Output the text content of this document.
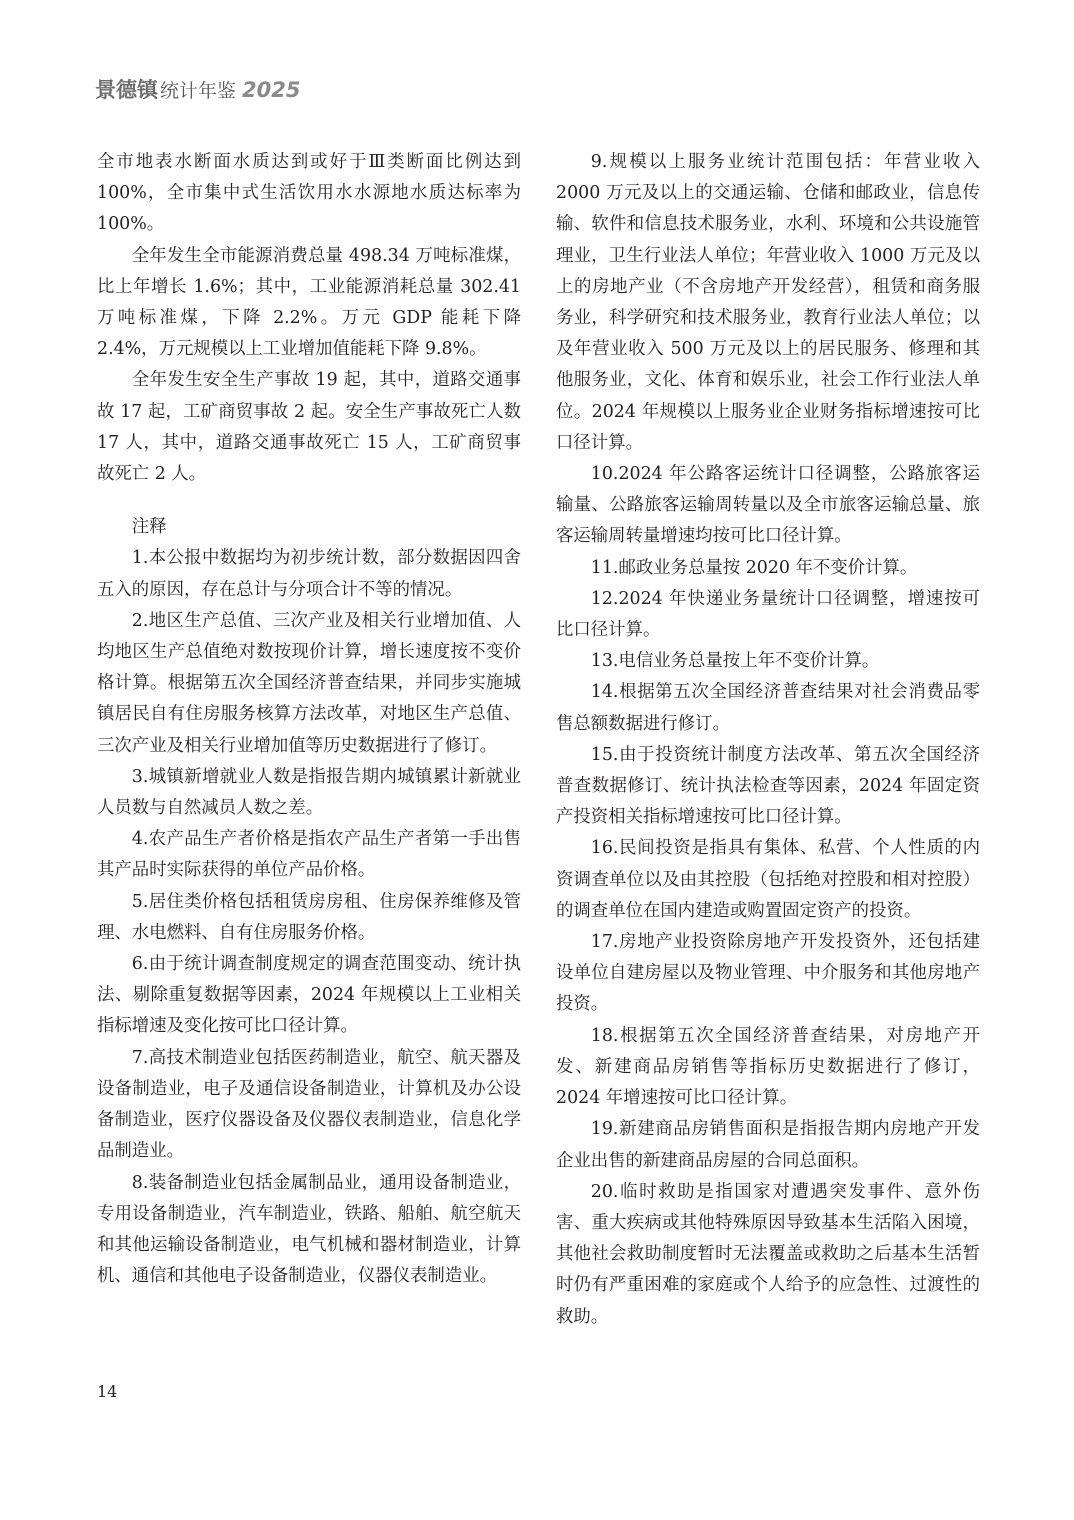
景德镇 统计年鉴 2025

全市地表水断面水质达到或好于Ⅲ类断面比例达到 100%，全市集中式生活饮用水水源地水质达标率为 100%。

全年发生全市能源消费总量 498.34 万吨标准煤，比上年增长 1.6%；其中，工业能源消耗总量 302.41 万吨标准煤，下降 2.2%。万元 GDP 能耗下降 2.4%，万元规模以上工业增加值能耗下降 9.8%。

全年发生安全生产事故 19 起，其中，道路交通事故 17 起，工矿商贸事故 2 起。安全生产事故死亡人数 17 人，其中，道路交通事故死亡 15 人，工矿商贸事故死亡 2 人。

注释

1.本公报中数据均为初步统计数，部分数据因四舍五入的原因，存在总计与分项合计不等的情况。

2.地区生产总值、三次产业及相关行业增加值、人均地区生产总值绝对数按现价计算，增长速度按不变价格计算。根据第五次全国经济普查结果，并同步实施城镇居民自有住房服务核算方法改革，对地区生产总值、三次产业及相关行业增加值等历史数据进行了修订。

3.城镇新增就业人数是指报告期内城镇累计新就业人员数与自然减员人数之差。

4.农产品生产者价格是指农产品生产者第一手出售其产品时实际获得的单位产品价格。

5.居住类价格包括租赁房房租、住房保养维修及管理、水电燃料、自有住房服务价格。

6.由于统计调查制度规定的调查范围变动、统计执法、剔除重复数据等因素，2024 年规模以上工业相关指标增速及变化按可比口径计算。

7.高技术制造业包括医药制造业，航空、航天器及设备制造业，电子及通信设备制造业，计算机及办公设备制造业，医疗仪器设备及仪器仪表制造业，信息化学品制造业。

8.装备制造业包括金属制品业，通用设备制造业，专用设备制造业，汽车制造业，铁路、船舶、航空航天和其他运输设备制造业，电气机械和器材制造业，计算机、通信和其他电子设备制造业，仪器仪表制造业。

9.规模以上服务业统计范围包括：年营业收入 2000 万元及以上的交通运输、仓储和邮政业，信息传输、软件和信息技术服务业，水利、环境和公共设施管理业，卫生行业法人单位；年营业收入 1000 万元及以上的房地产业（不含房地产开发经营），租赁和商务服务业，科学研究和技术服务业，教育行业法人单位；以及年营业收入 500 万元及以上的居民服务、修理和其他服务业，文化、体育和娱乐业，社会工作行业法人单位。2024 年规模以上服务业企业财务指标增速按可比口径计算。

10.2024 年公路客运统计口径调整，公路旅客运输量、公路旅客运输周转量以及全市旅客运输总量、旅客运输周转量增速均按可比口径计算。

11.邮政业务总量按 2020 年不变价计算。

12.2024 年快递业务量统计口径调整，增速按可比口径计算。

13.电信业务总量按上年不变价计算。

14.根据第五次全国经济普查结果对社会消费品零售总额数据进行修订。

15.由于投资统计制度方法改革、第五次全国经济普查数据修订、统计执法检查等因素，2024 年固定资产投资相关指标增速按可比口径计算。

16.民间投资是指具有集体、私营、个人性质的内资调查单位以及由其控股（包括绝对控股和相对控股）的调查单位在国内建造或购置固定资产的投资。

17.房地产业投资除房地产开发投资外，还包括建设单位自建房屋以及物业管理、中介服务和其他房地产投资。

18.根据第五次全国经济普查结果，对房地产开发、新建商品房销售等指标历史数据进行了修订，2024 年增速按可比口径计算。

19.新建商品房销售面积是指报告期内房地产开发企业出售的新建商品房屋的合同总面积。

20.临时救助是指国家对遭遇突发事件、意外伤害、重大疾病或其他特殊原因导致基本生活陷入困境，其他社会救助制度暂时无法覆盖或救助之后基本生活暂时仍有严重困难的家庭或个人给予的应急性、过渡性的救助。

14
